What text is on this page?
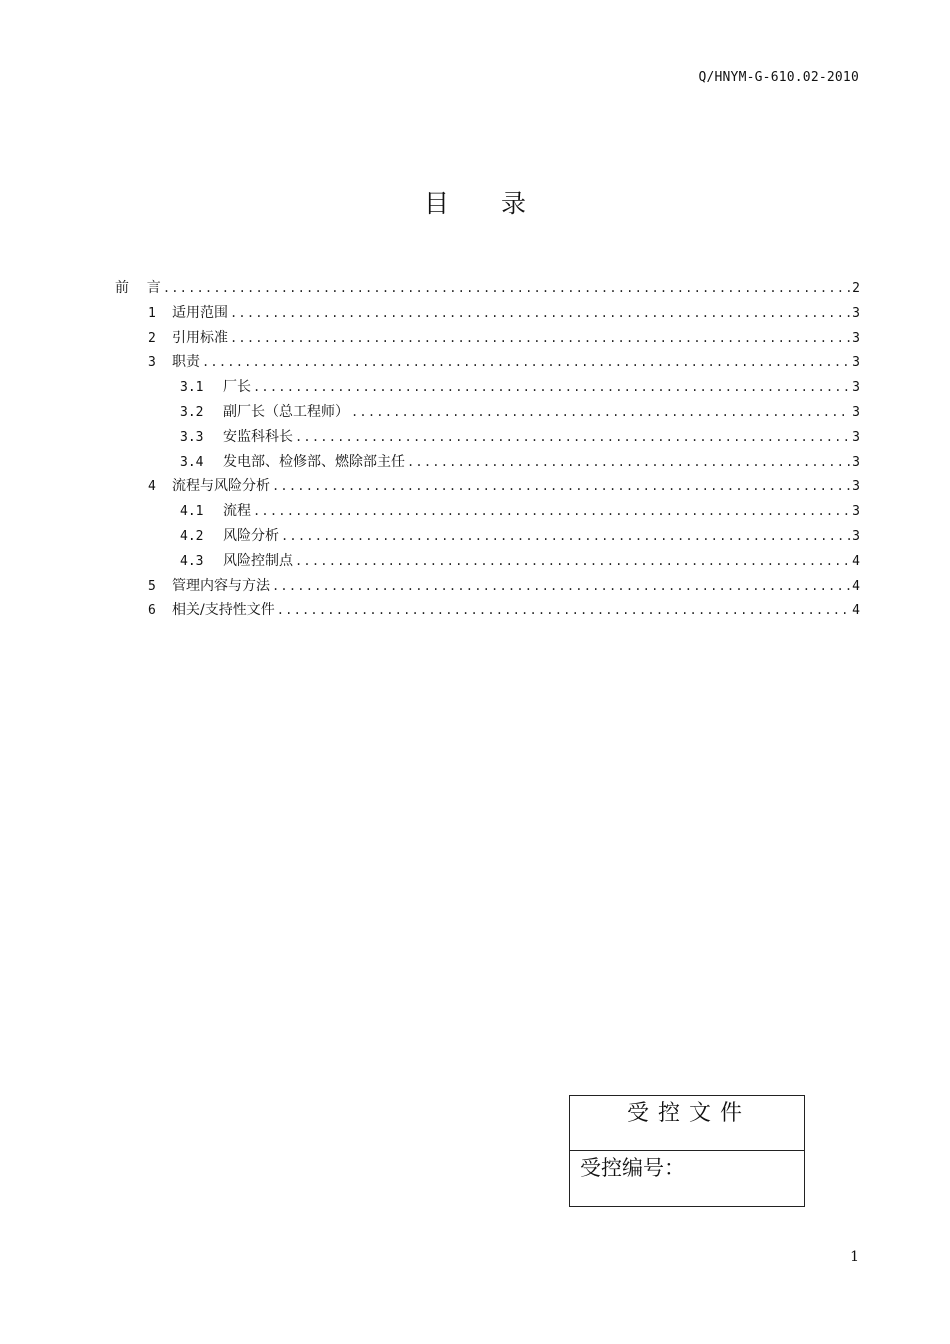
Q/HNYM-G-610.02-2010
目 录
前    言 .....	2
1	适用范围 .....	3
2	引用标准 .....	3
3	职责 .....	3
3.1	厂长 .....	3
3.2	副厂长（总工程师） .....	3
3.3	安监科科长 .....	3
3.4	发电部、检修部、燃除部主任 .....	3
4	流程与风险分析 .....	3
4.1	流程 .....	3
4.2	风险分析 .....	3
4.3	风险控制点 .....	4
5	管理内容与方法 .....	4
6	相关/支持性文件 .....	4
受控文件
受控编号：
1
